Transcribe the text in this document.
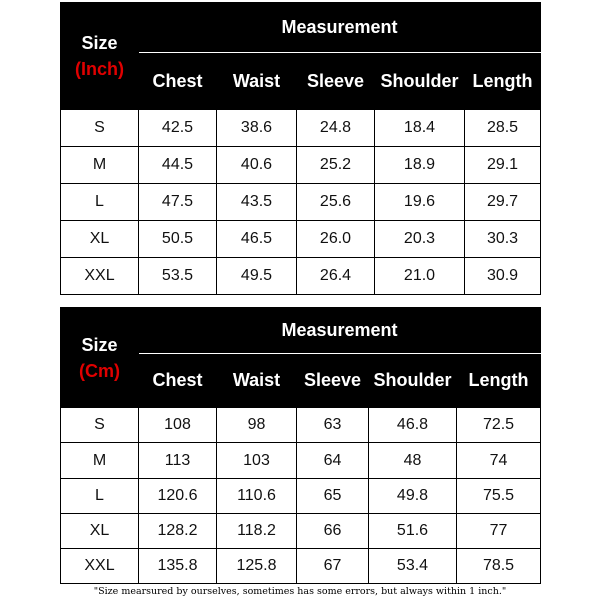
Size
(Inch)	Measurement				
	Chest	Waist	Sleeve	Shoulder	Length
S	42.5	38.6	24.8	18.4	28.5
M	44.5	40.6	25.2	18.9	29.1
L	47.5	43.5	25.6	19.6	29.7
XL	50.5	46.5	26.0	20.3	30.3
XXL	53.5	49.5	26.4	21.0	30.9
Size
(Cm)	Measurement				
	Chest	Waist	Sleeve	Shoulder	Length
S	108	98	63	46.8	72.5
M	113	103	64	48	74
L	120.6	110.6	65	49.8	75.5
XL	128.2	118.2	66	51.6	77
XXL	135.8	125.8	67	53.4	78.5
"Size mearsured by ourselves, sometimes has some errors, but always within 1 inch."
